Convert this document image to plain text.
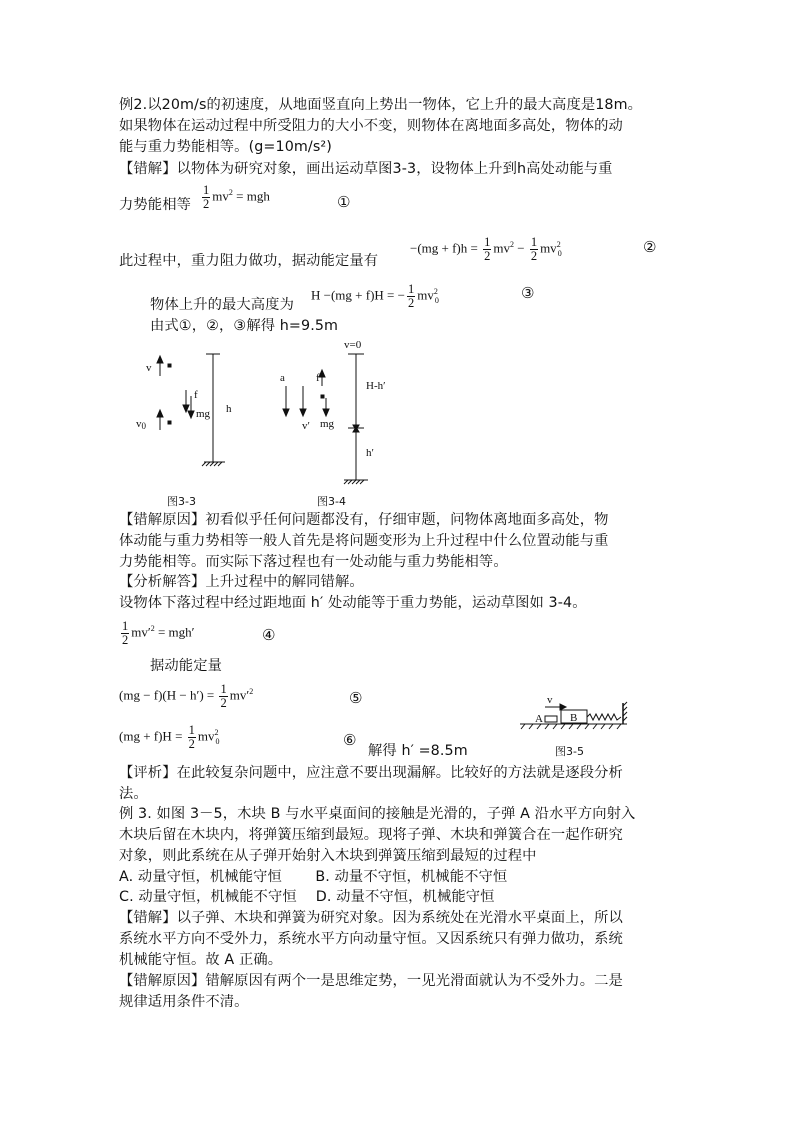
例2.以20m/s的初速度，从地面竖直向上势出一物体，它上升的最大高度是18m。
如果物体在运动过程中所受阻力的大小不变，则物体在离地面多高处，物体的动
能与重力势能相等。(g=10m/s²)
【错解】以物体为研究对象，画出运动草图3-3，设物体上升到h高处动能与重
力势能相等 $\frac{1}{2} mv^2$ = mgh	①
此过程中，重力阻力做功，据动能定量有
$-(mg + f)h = \frac{1}{2} mv^2 - \frac{1}{2} mv^2_0$	②
物体上升的最大高度为
H −(mg + f)H = − $\frac{1}{2} mv^2_0$	③
由式①，②，③解得 h=9.5m
v
v0
f
mg h
a	f
mg
v′
v=0
H-h′
h′
图3-3	图3-4
【错解原因】初看似乎任何问题都没有，仔细审题，问物体离地面多高处，物
体动能与重力势相等一般人首先是将问题变形为上升过程中什么位置动能与重
力势能相等。而实际下落过程也有一处动能与重力势能相等。
【分析解答】上升过程中的解同错解。
设物体下落过程中经过距地面 h′ 处动能等于重力势能，运动草图如 3-4。
$\frac{1}{2} mv'^2 = mgh'$	④
据动能定量
$(mg - f)(H - h') = \frac{1}{2} mv'^2$	⑤
$(mg + f)H = \frac{1}{2} mv^2_0$	⑥
解得 h′ =8.5m
v
A B
图3-5
【评析】在此较复杂问题中，应注意不要出现漏解。比较好的方法就是逐段分析
法。
例 3. 如图 3－5，木块 B 与水平桌面间的接触是光滑的，子弹 A 沿水平方向射入
木块后留在木块内，将弹簧压缩到最短。现将子弹、木块和弹簧合在一起作研究
对象，则此系统在从子弹开始射入木块到弹簧压缩到最短的过程中
A. 动量守恒，机械能守恒　　 B. 动量不守恒，机械能不守恒
C. 动量守恒，机械能不守恒　 D. 动量不守恒，机械能守恒
【错解】以子弹、木块和弹簧为研究对象。因为系统处在光滑水平桌面上，所以
系统水平方向不受外力，系统水平方向动量守恒。又因系统只有弹力做功，系统
机械能守恒。故 A 正确。
【错解原因】错解原因有两个一是思维定势，一见光滑面就认为不受外力。二是
规律适用条件不清。
